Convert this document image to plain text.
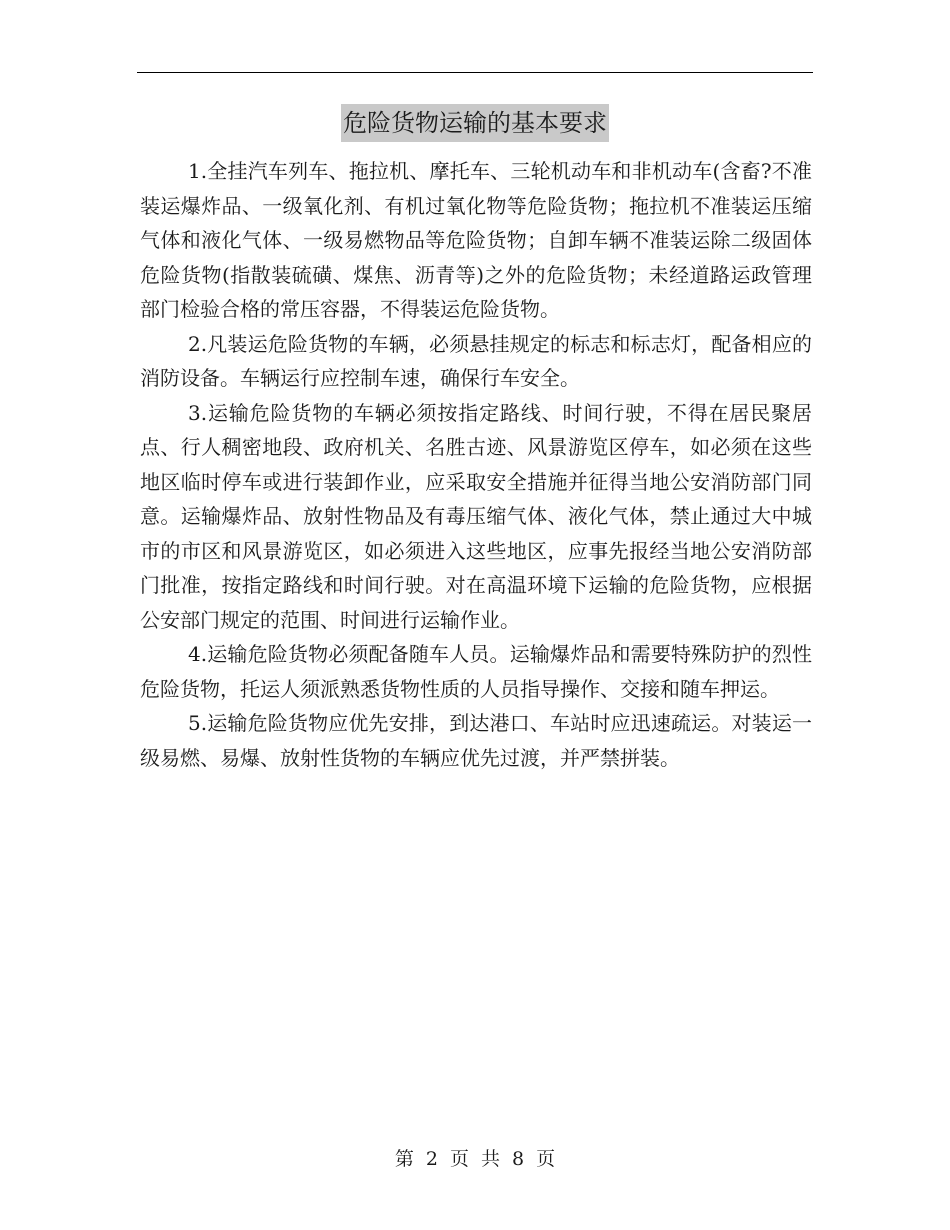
危险货物运输的基本要求

1.全挂汽车列车、拖拉机、摩托车、三轮机动车和非机动车(含畜?不准装运爆炸品、一级氧化剂、有机过氧化物等危险货物；拖拉机不准装运压缩气体和液化气体、一级易燃物品等危险货物；自卸车辆不准装运除二级固体危险货物(指散装硫磺、煤焦、沥青等)之外的危险货物；未经道路运政管理部门检验合格的常压容器，不得装运危险货物。

2.凡装运危险货物的车辆，必须悬挂规定的标志和标志灯，配备相应的消防设备。车辆运行应控制车速，确保行车安全。

3.运输危险货物的车辆必须按指定路线、时间行驶，不得在居民聚居点、行人稠密地段、政府机关、名胜古迹、风景游览区停车，如必须在这些地区临时停车或进行装卸作业，应采取安全措施并征得当地公安消防部门同意。运输爆炸品、放射性物品及有毒压缩气体、液化气体，禁止通过大中城市的市区和风景游览区，如必须进入这些地区，应事先报经当地公安消防部门批准，按指定路线和时间行驶。对在高温环境下运输的危险货物，应根据公安部门规定的范围、时间进行运输作业。

4.运输危险货物必须配备随车人员。运输爆炸品和需要特殊防护的烈性危险货物，托运人须派熟悉货物性质的人员指导操作、交接和随车押运。

5.运输危险货物应优先安排，到达港口、车站时应迅速疏运。对装运一级易燃、易爆、放射性货物的车辆应优先过渡，并严禁拼装。

第 2 页 共 8 页
